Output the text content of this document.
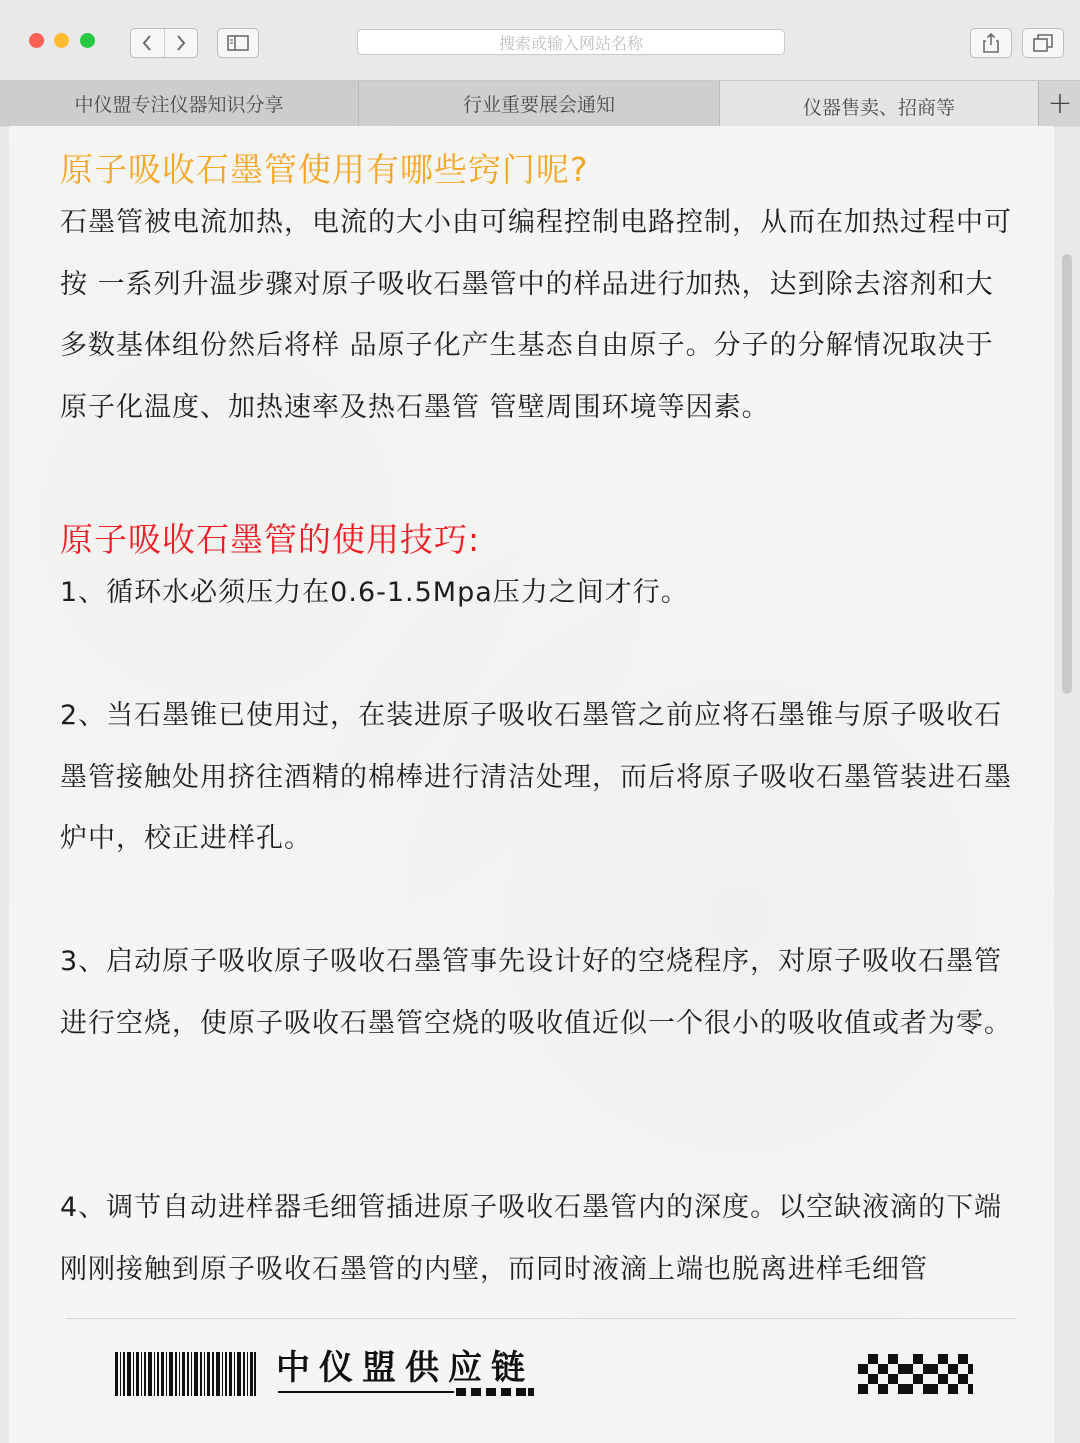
搜索或输入网站名称
中仪盟专注仪器知识分享	行业重要展会通知	仪器售卖、招商等	+
原子吸收石墨管使用有哪些窍门呢?

石墨管被电流加热，电流的大小由可编程控制电路控制，从而在加热过程中可按 一系列升温步骤对原子吸收石墨管中的样品进行加热，达到除去溶剂和大多数基体组份然后将样 品原子化产生基态自由原子。分子的分解情况取决于原子化温度、加热速率及热石墨管 管壁周围环境等因素。

原子吸收石墨管的使用技巧:

1、循环水必须压力在0.6-1.5Mpa压力之间才行。

2、当石墨锥已使用过，在装进原子吸收石墨管之前应将石墨锥与原子吸收石墨管接触处用挤往酒精的棉棒进行清洁处理，而后将原子吸收石墨管装进石墨炉中，校正进样孔。

3、启动原子吸收原子吸收石墨管事先设计好的空烧程序，对原子吸收石墨管进行空烧，使原子吸收石墨管空烧的吸收值近似一个很小的吸收值或者为零。

4、调节自动进样器毛细管插进原子吸收石墨管内的深度。以空缺液滴的下端刚刚接触到原子吸收石墨管的内壁，而同时液滴上端也脱离进样毛细管

中仪盟供应链
